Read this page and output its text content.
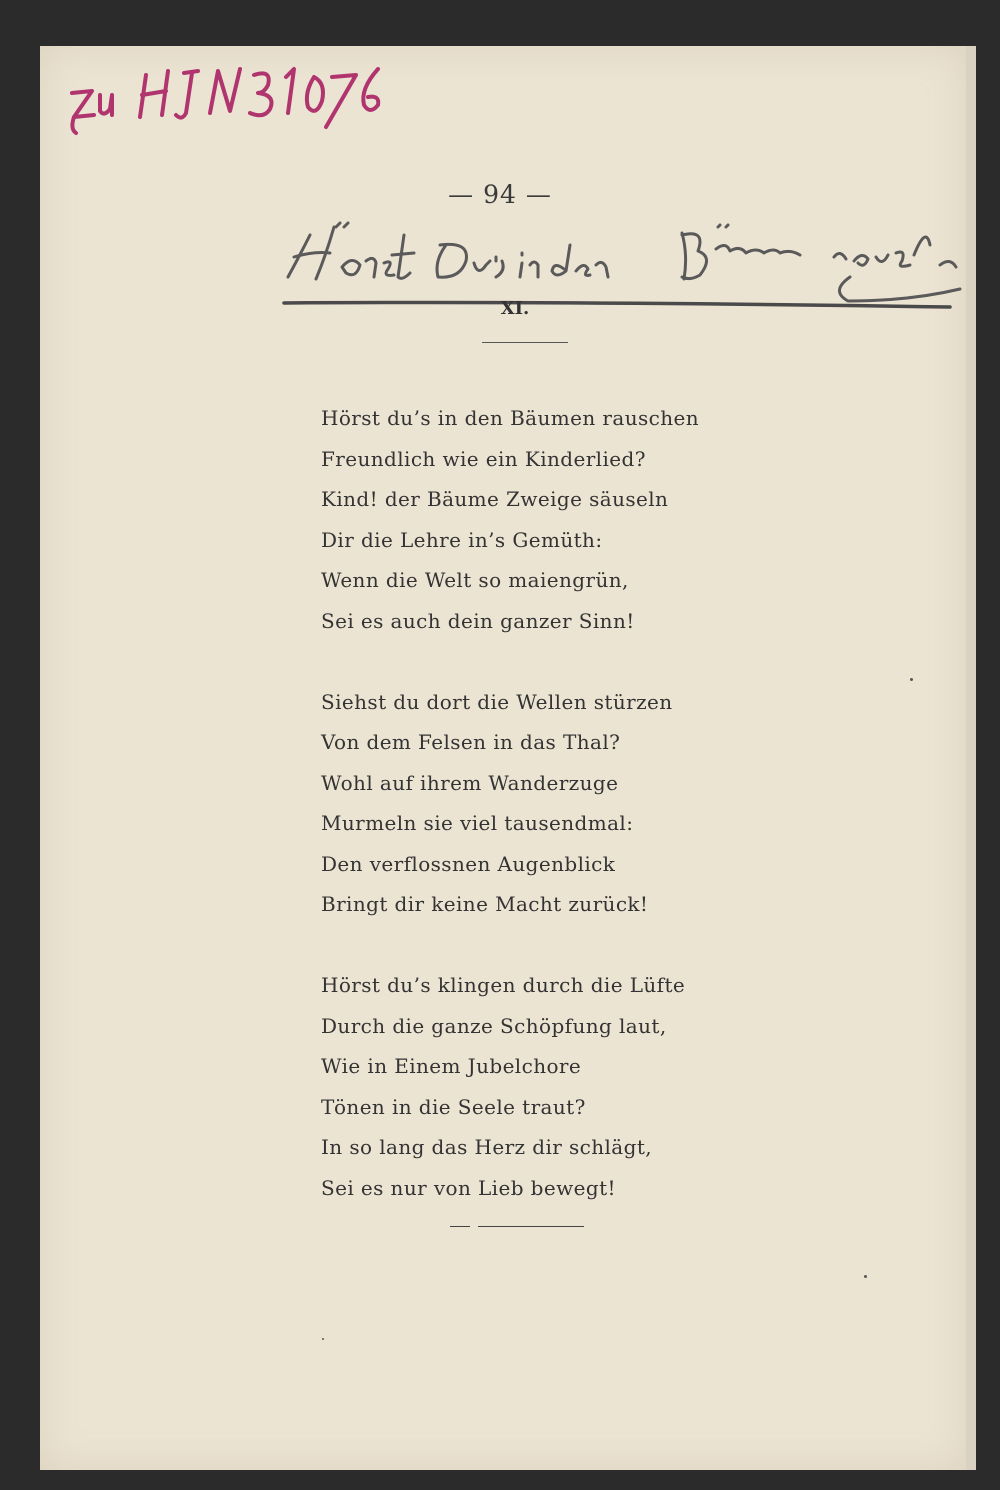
— 94 —
XI.
Hörst du’s in den Bäumen rauschen
Freundlich wie ein Kinderlied?
Kind! der Bäume Zweige säuseln
Dir die Lehre in’s Gemüth:
Wenn die Welt so maiengrün,
Sei es auch dein ganzer Sinn!
Siehst du dort die Wellen stürzen
Von dem Felsen in das Thal?
Wohl auf ihrem Wanderzuge
Murmeln sie viel tausendmal:
Den verflossnen Augenblick
Bringt dir keine Macht zurück!
Hörst du’s klingen durch die Lüfte
Durch die ganze Schöpfung laut,
Wie in Einem Jubelchore
Tönen in die Seele traut?
In so lang das Herz dir schlägt,
Sei es nur von Lieb bewegt!
